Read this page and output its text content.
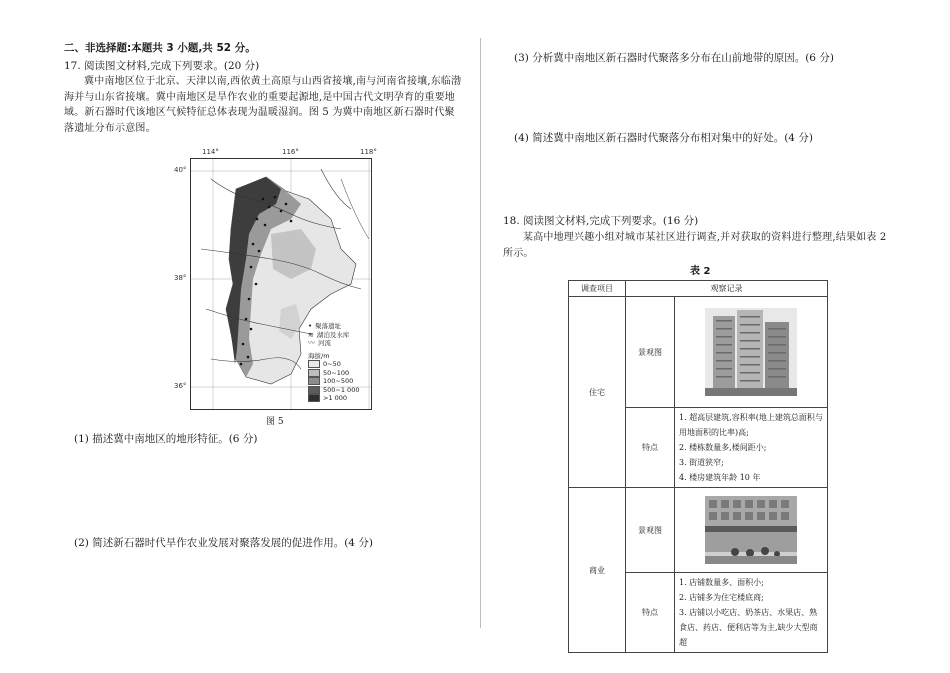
二、非选择题:本题共 3 小题,共 52 分。
17. 阅读图文材料,完成下列要求。(20 分)

冀中南地区位于北京、天津以南,西依黄土高原与山西省接壤,南与河南省接壤,东临渤海并与山东省接壤。冀中南地区是旱作农业的重要起源地,是中国古代文明孕育的重要地域。新石器时代该地区气候特征总体表现为温暖湿润。图 5 为冀中南地区新石器时代聚落遗址分布示意图。

114°	116°	118°
40°
38°
36°
• 聚落遗址
≋ 湖泊及水库
〰 河流
海拔/m
0~50
50~100
100~500
500~1 000
>1 000
图 5
(1) 描述冀中南地区的地形特征。(6 分)
(2) 简述新石器时代旱作农业发展对聚落发展的促进作用。(4 分)
(3) 分析冀中南地区新石器时代聚落多分布在山前地带的原因。(6 分)
(4) 简述冀中南地区新石器时代聚落分布相对集中的好处。(4 分)
18. 阅读图文材料,完成下列要求。(16 分)

某高中地理兴趣小组对城市某社区进行调查,并对获取的资料进行整理,结果如表 2 所示。

表 2
调查项目	观察记录	
住宅	景观图	

	特点	1. 超高层建筑,容积率(地上建筑总面积与用地面积的比率)高;

2. 楼栋数量多,楼间距小;

3. 街道狭窄;

4. 楼房建筑年龄 10 年

商业	景观图	

	特点	1. 店铺数量多、面积小;

2. 店铺多为住宅楼底商;

3. 店铺以小吃店、奶茶店、水果店、熟食店、药店、便利店等为主,缺少大型商超
